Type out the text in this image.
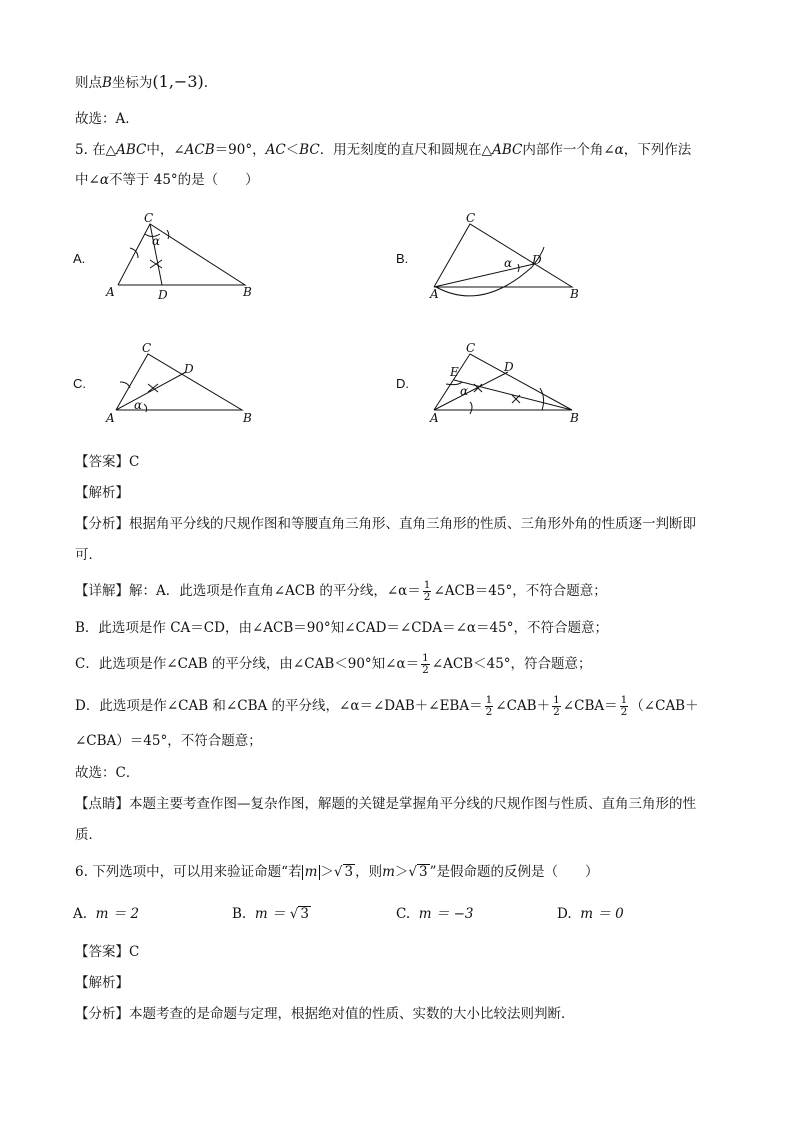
则点B坐标为(1,−3).
故选：A．
5. 在△ABC中，∠ACB＝90°，AC＜BC．用无刻度的直尺和圆规在△ABC内部作一个角∠α，下列作法
中∠α不等于 45°的是（　　）
A.	B.
C.	D.
C
α
A	D	B
C
α D
A	B
C
D
α
A	B
C
D
E
α
A	B
【答案】C
【解析】
【分析】根据角平分线的尺规作图和等腰直角三角形、直角三角形的性质、三角形外角的性质逐一判断即
可．
【详解】解：A．此选项是作直角∠ACB 的平分线，∠α＝ $\frac{1}{2}$ ∠ACB＝45°，不符合题意；
B．此选项是作 CA＝CD，由∠ACB＝90°知∠CAD＝∠CDA＝∠α＝45°，不符合题意；
C．此选项是作∠CAB 的平分线，由∠CAB＜90°知∠α＝ $\frac{1}{2}$ ∠ACB＜45°，符合题意；
D．此选项是作∠CAB 和∠CBA 的平分线，∠α＝∠DAB＋∠EBA＝ $\frac{1}{2}$ ∠CAB＋ $\frac{1}{2}$ ∠CBA＝ $\frac{1}{2}$ （∠CAB＋
∠CBA）＝45°，不符合题意；
故选：C．
【点睛】本题主要考查作图—复杂作图，解题的关键是掌握角平分线的尺规作图与性质、直角三角形的性
质．
6. 下列选项中，可以用来验证命题“若 m ＞√ 3 ，则m＞√ 3 ”是假命题的反例是（　　）
A. m ＝ 2	B. m ＝ √ 3	C. m ＝ −3	D. m ＝ 0
【答案】C
【解析】
【分析】本题考查的是命题与定理，根据绝对值的性质、实数的大小比较法则判断．
